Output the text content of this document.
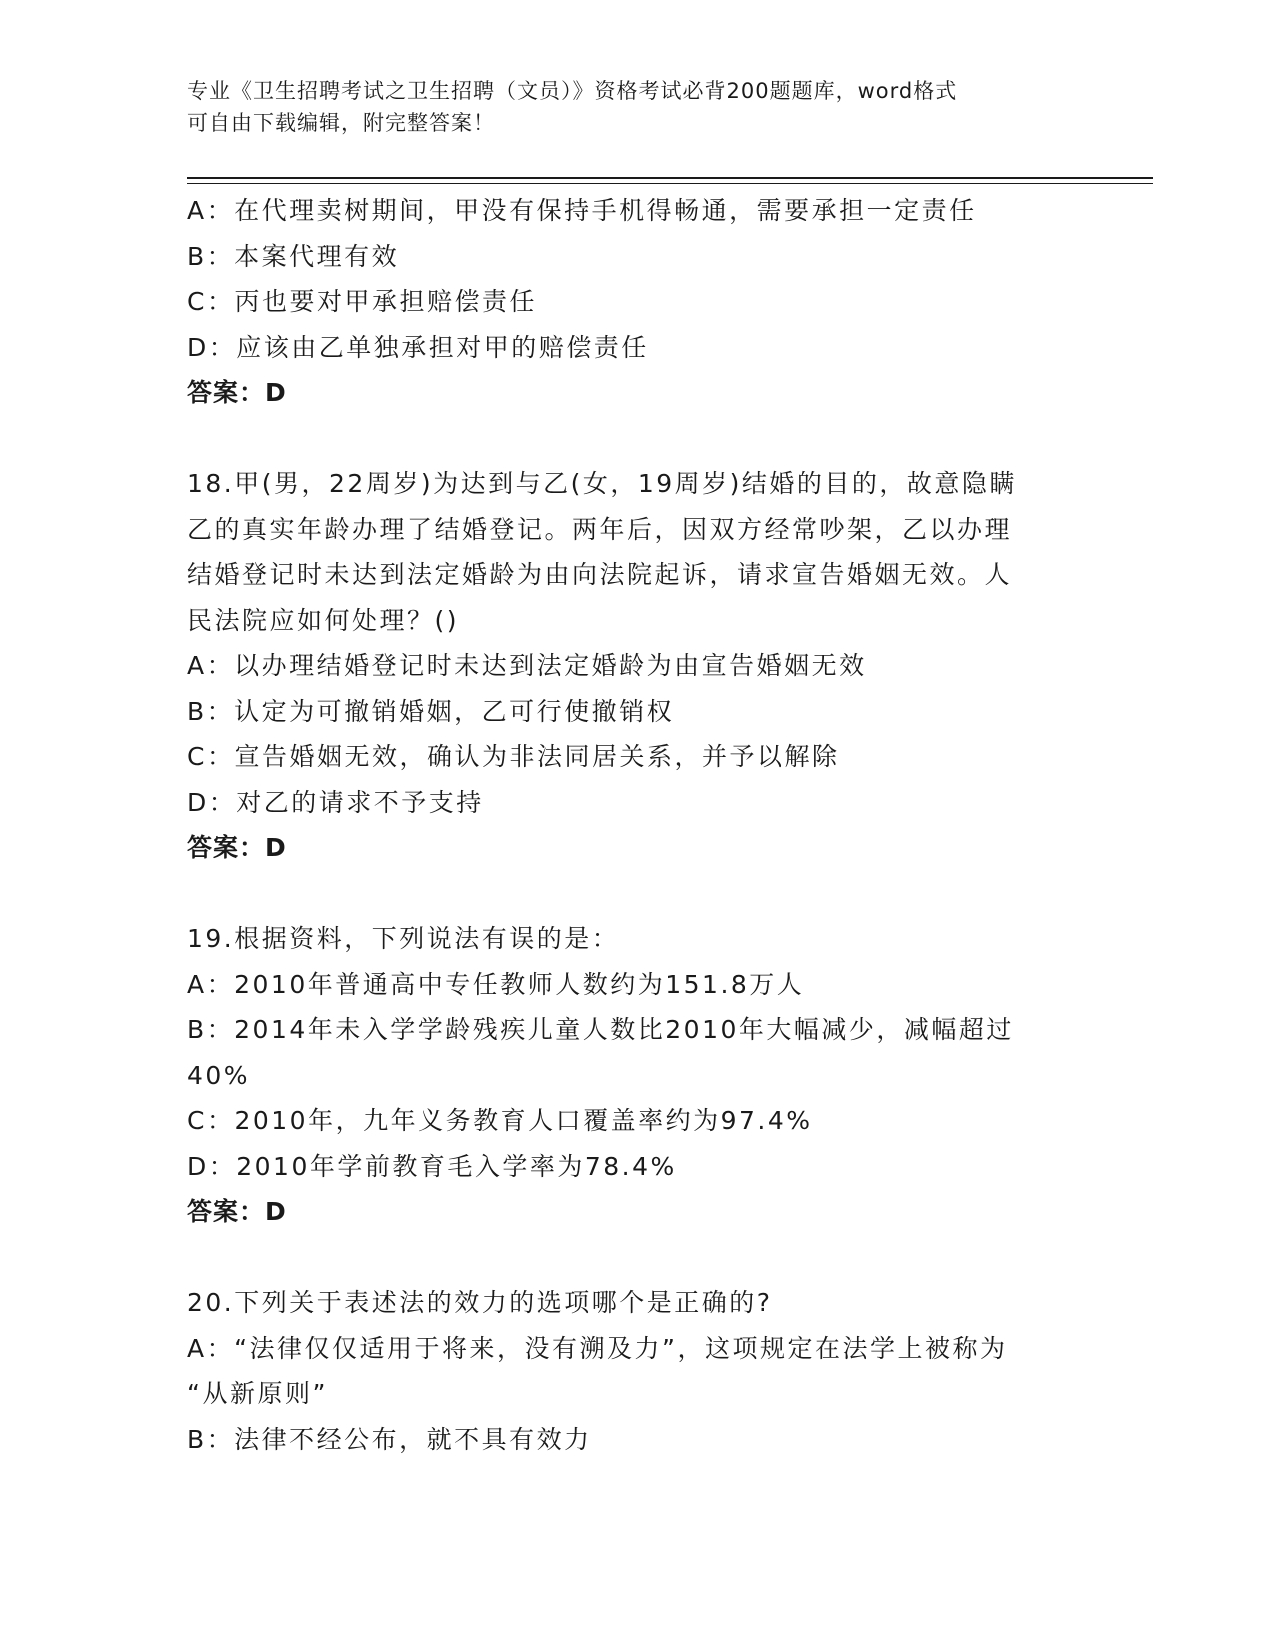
专业《卫生招聘考试之卫生招聘（文员）》资格考试必背200题题库，word格式
可自由下载编辑，附完整答案！
A：在代理卖树期间，甲没有保持手机得畅通，需要承担一定责任
B：本案代理有效
C：丙也要对甲承担赔偿责任
D：应该由乙单独承担对甲的赔偿责任
答案：D
18.甲(男，22周岁)为达到与乙(女，19周岁)结婚的目的，故意隐瞒
乙的真实年龄办理了结婚登记。两年后，因双方经常吵架，乙以办理
结婚登记时未达到法定婚龄为由向法院起诉，请求宣告婚姻无效。人
民法院应如何处理？()
A：以办理结婚登记时未达到法定婚龄为由宣告婚姻无效
B：认定为可撤销婚姻，乙可行使撤销权
C：宣告婚姻无效，确认为非法同居关系，并予以解除
D：对乙的请求不予支持
答案：D
19.根据资料，下列说法有误的是：
A：2010年普通高中专任教师人数约为151.8万人
B：2014年未入学学龄残疾儿童人数比2010年大幅减少，减幅超过
40%
C：2010年，九年义务教育人口覆盖率约为97.4%
D：2010年学前教育毛入学率为78.4%
答案：D
20.下列关于表述法的效力的选项哪个是正确的?
A：“法律仅仅适用于将来，没有溯及力”，这项规定在法学上被称为
“从新原则”
B：法律不经公布，就不具有效力
